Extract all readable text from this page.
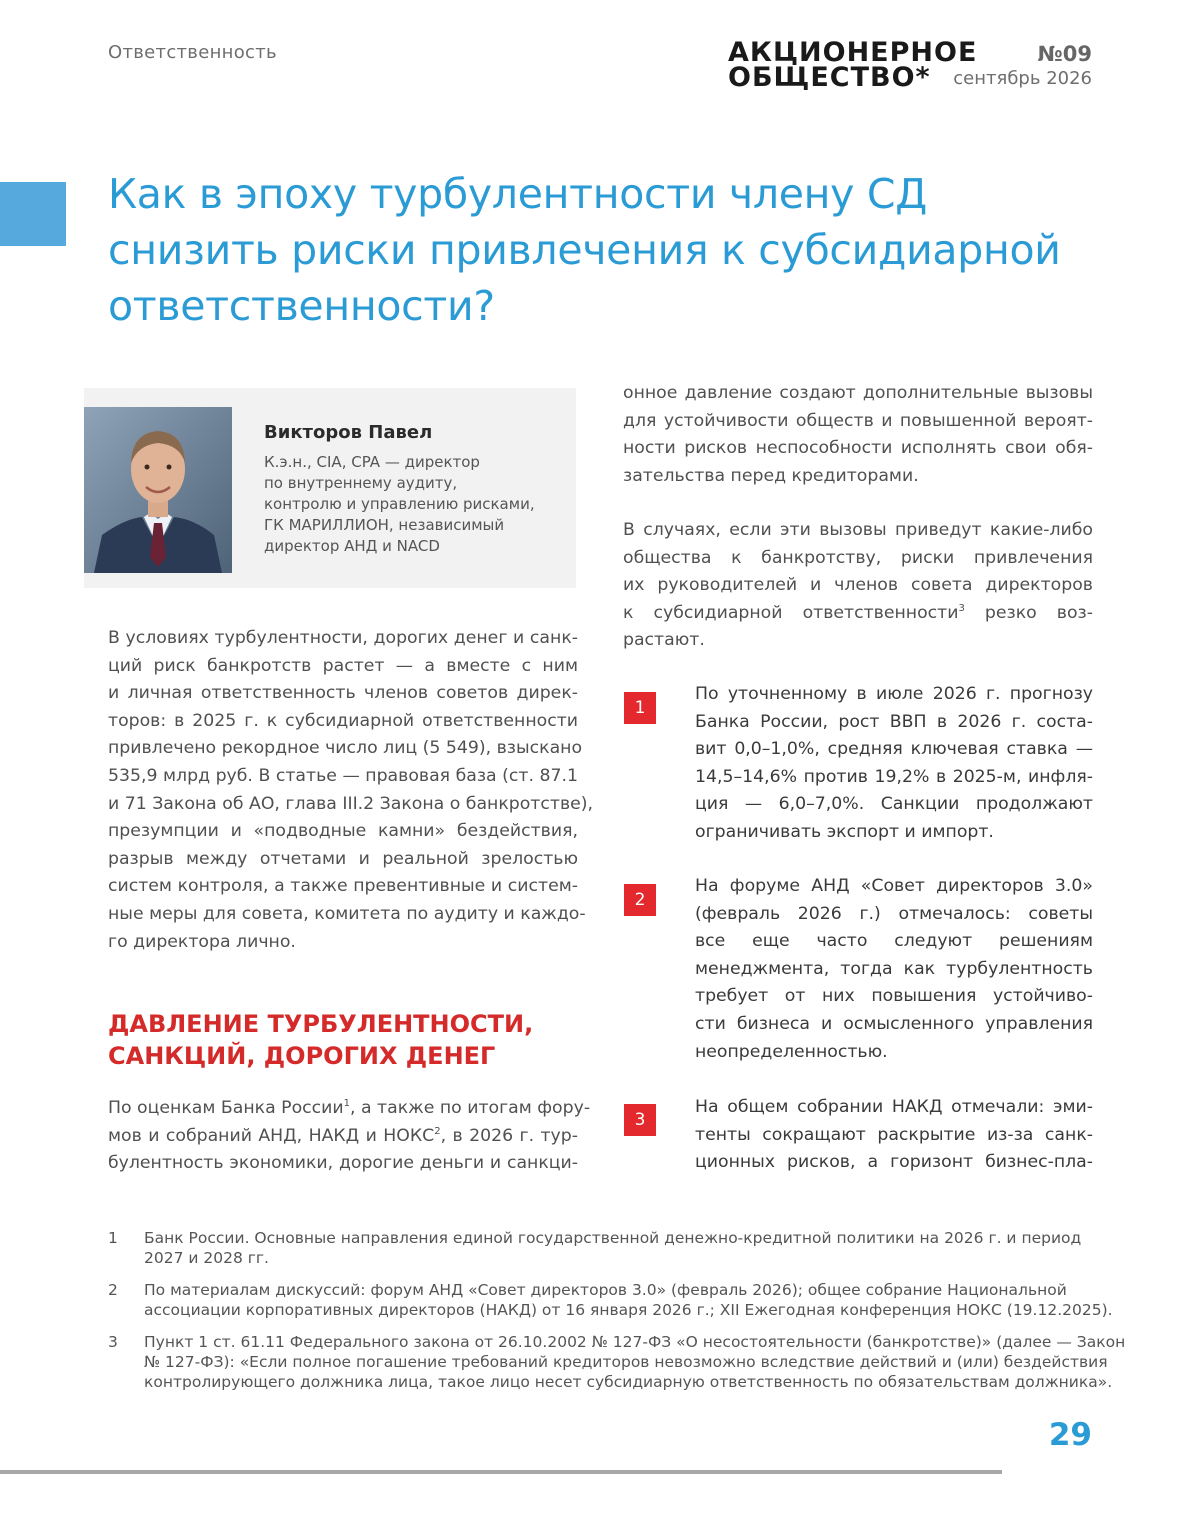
Ответственность	АКЦИОНЕРНОЕ
ОБЩЕСТВО*
№09
сентябрь 2026
Как в эпоху турбулентности члену СД
снизить риски привлечения к субсидиарной
ответственности?
Викторов Павел
К.э.н., CIA, CPA — директор
по внутреннему аудиту,
контролю и управлению рисками,
ГК МАРИЛЛИОН, независимый
директор АНД и NACD
В условиях турбулентности, дорогих денег и санк-
ций риск банкротств растет — а вместе с ним
и личная ответственность членов советов дирек-
торов: в 2025 г. к субсидиарной ответственности
привлечено рекордное число лиц (5 549), взыскано
535,9 млрд руб. В статье — правовая база (ст. 87.1
и 71 Закона об АО, глава III.2 Закона о банкротстве),
презумпции и «подводные камни» бездействия,
разрыв между отчетами и реальной зрелостью
систем контроля, а также превентивные и систем-
ные меры для совета, комитета по аудиту и каждо-
го директора лично.
ДАВЛЕНИЕ ТУРБУЛЕНТНОСТИ,
САНКЦИЙ, ДОРОГИХ ДЕНЕГ
По оценкам Банка России$^1$, а также по итогам фору-
мов и собраний АНД, НАКД и НОКС$^2$, в 2026 г. тур-
булентность экономики, дорогие деньги и санкци-
онное давление создают дополнительные вызовы
для устойчивости обществ и повышенной вероят-
ности рисков неспособности исполнять свои обя-
зательства перед кредиторами.
В случаях, если эти вызовы приведут какие-либо
общества к банкротству, риски привлечения
их руководителей и членов совета директоров
к субсидиарной ответственности$^3$ резко воз-
растают.
1
По уточненному в июле 2026 г. прогнозу
Банка России, рост ВВП в 2026 г. соста-
вит 0,0–1,0%, средняя ключевая ставка —
14,5–14,6% против 19,2% в 2025-м, инфля-
ция — 6,0–7,0%. Санкции продолжают
ограничивать экспорт и импорт.
2
На форуме АНД «Совет директоров 3.0»
(февраль 2026 г.) отмечалось: советы
все еще часто следуют решениям
менеджмента, тогда как турбулентность
требует от них повышения устойчиво-
сти бизнеса и осмысленного управления
неопределенностью.
3
На общем собрании НАКД отмечали: эми-
тенты сокращают раскрытие из-за санк-
ционных рисков, а горизонт бизнес-пла-
1 Банк России. Основные направления единой государственной денежно-кредитной политики на 2026 г. и период
2027 и 2028 гг.
2 По материалам дискуссий: форум АНД «Совет директоров 3.0» (февраль 2026); общее собрание Национальной
ассоциации корпоративных директоров (НАКД) от 16 января 2026 г.; XII Ежегодная конференция НОКС (19.12.2025).
3 Пункт 1 ст. 61.11 Федерального закона от 26.10.2002 № 127-ФЗ «О несостоятельности (банкротстве)» (далее — Закон
№ 127-ФЗ): «Если полное погашение требований кредиторов невозможно вследствие действий и (или) бездействия
контролирующего должника лица, такое лицо несет субсидиарную ответственность по обязательствам должника».
29
